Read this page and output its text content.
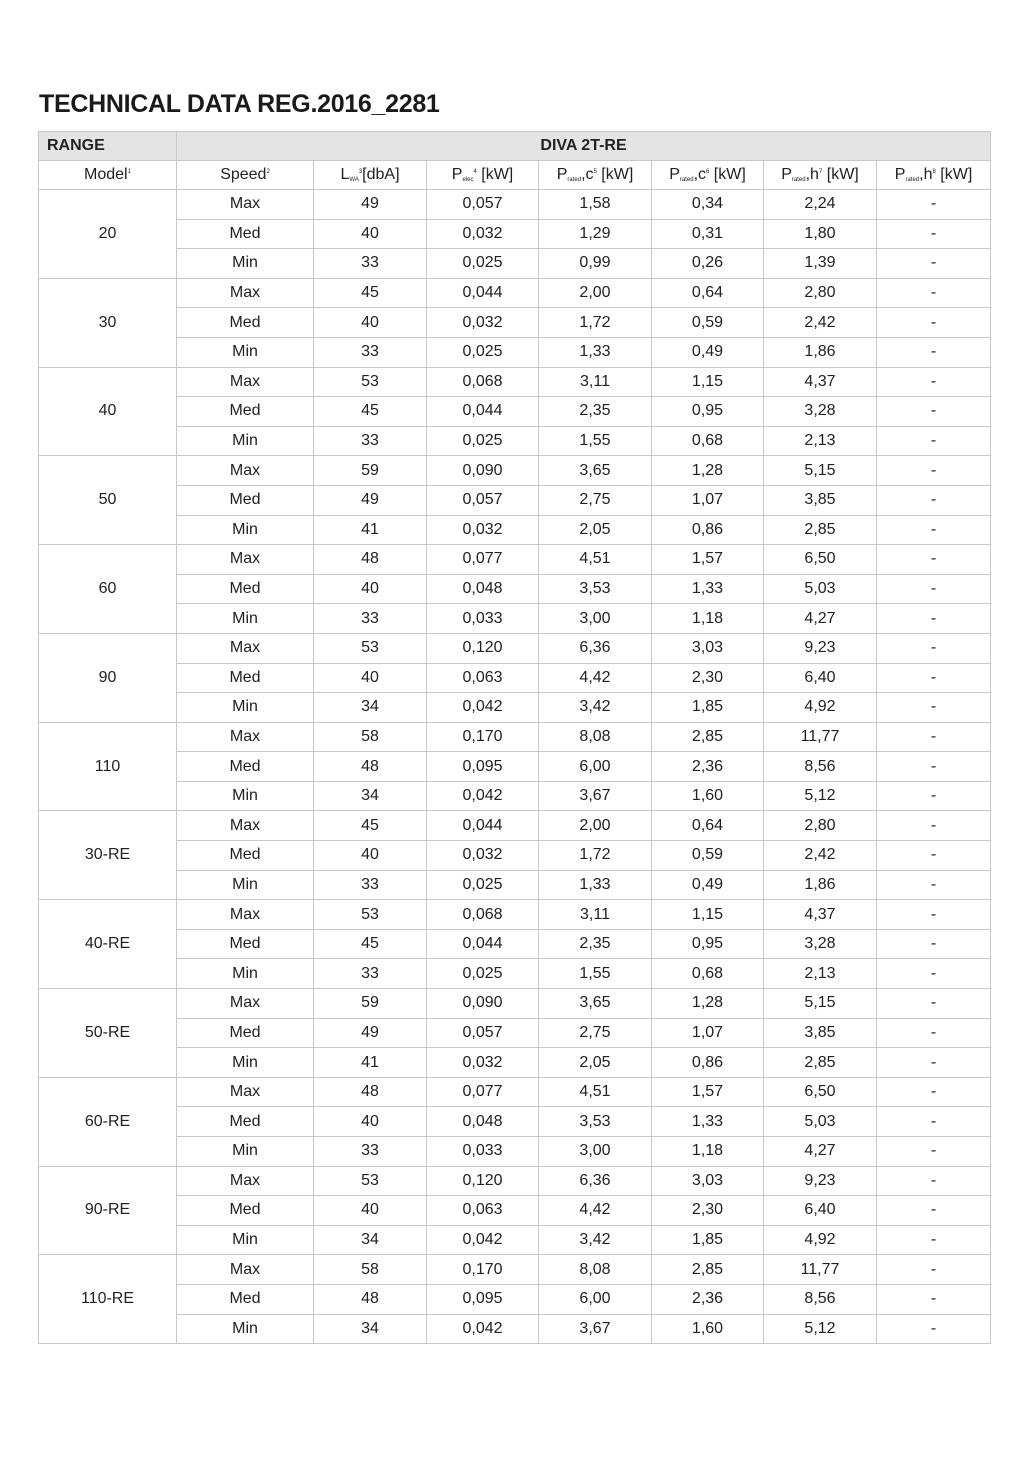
TECHNICAL DATA REG.2016_2281
RANGE	DIVA 2T-RE						
Model$^1$	Speed$^2$	$L_{WA}^3[dbA]$	$P_{elec}^4$ [kW]	$P_{rated},c^5$ [kW]	$P_{rated},c^6$ [kW]	$P_{rated},h^7$ [kW]	$P_{rated},h^8$ [kW]
20	Max	49	0,057	1,58	0,34	2,24	-
	Med	40	0,032	1,29	0,31	1,80	-
	Min	33	0,025	0,99	0,26	1,39	-
30	Max	45	0,044	2,00	0,64	2,80	-
	Med	40	0,032	1,72	0,59	2,42	-
	Min	33	0,025	1,33	0,49	1,86	-
40	Max	53	0,068	3,11	1,15	4,37	-
	Med	45	0,044	2,35	0,95	3,28	-
	Min	33	0,025	1,55	0,68	2,13	-
50	Max	59	0,090	3,65	1,28	5,15	-
	Med	49	0,057	2,75	1,07	3,85	-
	Min	41	0,032	2,05	0,86	2,85	-
60	Max	48	0,077	4,51	1,57	6,50	-
	Med	40	0,048	3,53	1,33	5,03	-
	Min	33	0,033	3,00	1,18	4,27	-
90	Max	53	0,120	6,36	3,03	9,23	-
	Med	40	0,063	4,42	2,30	6,40	-
	Min	34	0,042	3,42	1,85	4,92	-
110	Max	58	0,170	8,08	2,85	11,77	-
	Med	48	0,095	6,00	2,36	8,56	-
	Min	34	0,042	3,67	1,60	5,12	-
30-RE	Max	45	0,044	2,00	0,64	2,80	-
	Med	40	0,032	1,72	0,59	2,42	-
	Min	33	0,025	1,33	0,49	1,86	-
40-RE	Max	53	0,068	3,11	1,15	4,37	-
	Med	45	0,044	2,35	0,95	3,28	-
	Min	33	0,025	1,55	0,68	2,13	-
50-RE	Max	59	0,090	3,65	1,28	5,15	-
	Med	49	0,057	2,75	1,07	3,85	-
	Min	41	0,032	2,05	0,86	2,85	-
60-RE	Max	48	0,077	4,51	1,57	6,50	-
	Med	40	0,048	3,53	1,33	5,03	-
	Min	33	0,033	3,00	1,18	4,27	-
90-RE	Max	53	0,120	6,36	3,03	9,23	-
	Med	40	0,063	4,42	2,30	6,40	-
	Min	34	0,042	3,42	1,85	4,92	-
110-RE	Max	58	0,170	8,08	2,85	11,77	-
	Med	48	0,095	6,00	2,36	8,56	-
	Min	34	0,042	3,67	1,60	5,12	-
